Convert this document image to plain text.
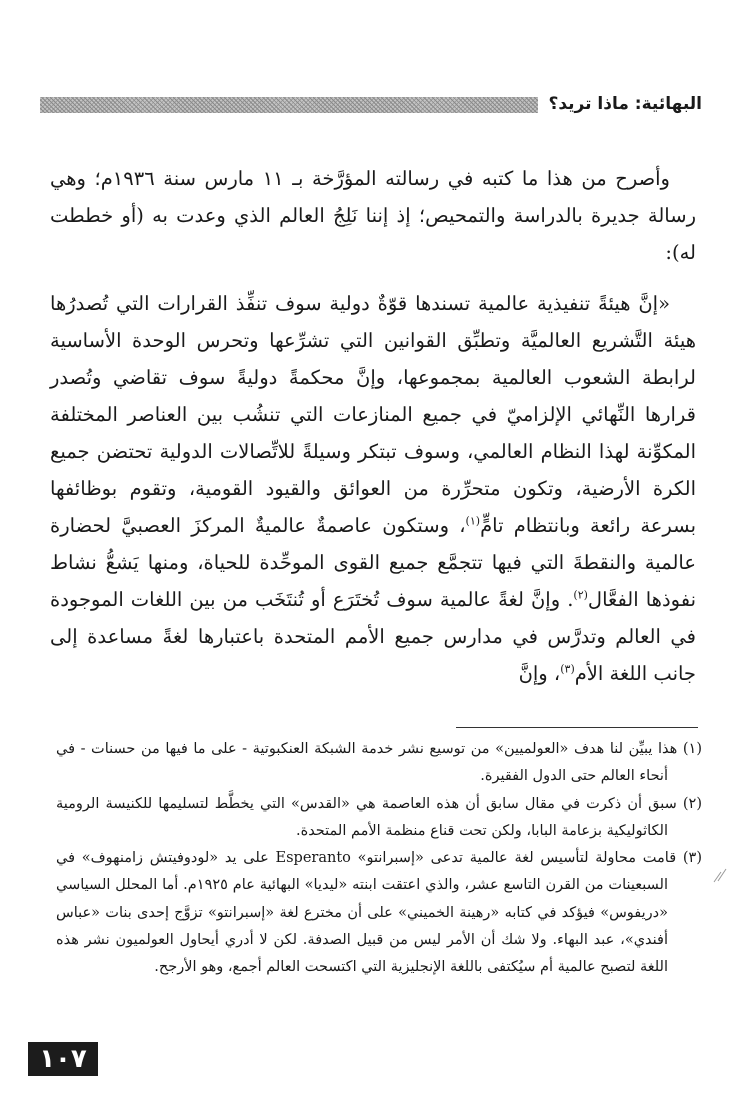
البهائية: ماذا تريد؟

وأصرح من هذا ما كتبه في رسالته المؤرَّخة بـ ١١ مارس سنة ١٩٣٦م؛ وهي رسالة جديرة بالدراسة والتمحيص؛ إذ إننا نَلِجُ العالم الذي وعدت به (أو خططت له):

«إنَّ هيئةً تنفيذية عالمية تسندها قوّةٌ دولية سوف تنفِّذ القرارات التي تُصدرُها هيئة التَّشريع العالميَّة وتطبِّق القوانين التي تشرِّعها وتحرس الوحدة الأساسية لرابطة الشعوب العالمية بمجموعها، وإنَّ محكمةً دوليةً سوف تقاضي وتُصدر قرارها النِّهائي الإلزاميّ في جميع المنازعات التي تنشُب بين العناصر المختلفة المكوِّنة لهذا النظام العالمي، وسوف تبتكر وسيلةً للاتِّصالات الدولية تحتضن جميع الكرة الأرضية، وتكون متحرِّرة من العوائق والقيود القومية، وتقوم بوظائفها بسرعة رائعة وبانتظام تامٍّ$^{(١)}$، وستكون عاصمةٌ عالميةٌ المركزَ العصبيَّ لحضارة عالمية والنقطةَ التي فيها تتجمَّع جميع القوى الموحِّدة للحياة، ومنها يَشعُّ نشاط نفوذها الفعَّال$^{(٢)}$. وإنَّ لغةً عالمية سوف تُختَرَع أو تُنتَخَب من بين اللغات الموجودة في العالم وتدرَّس في مدارس جميع الأمم المتحدة باعتبارها لغةً مساعدة إلى جانب اللغة الأم$^{(٣)}$، وإنَّ

(١) هذا يبيِّن لنا هدف «العولميين» من توسيع نشر خدمة الشبكة العنكبوتية - على ما فيها من حسنات - في أنحاء العالم حتى الدول الفقيرة.

(٢) سبق أن ذكرت في مقال سابق أن هذه العاصمة هي «القدس» التي يخطَّط لتسليمها للكنيسة الرومية الكاثوليكية بزعامة البابا، ولكن تحت قناع منظمة الأمم المتحدة.

(٣) قامت محاولة لتأسيس لغة عالمية تدعى «إسبرانتو» Esperanto على يد «لودوفيتش زامنهوف» في السبعينات من القرن التاسع عشر، والذي اعتقت ابنته «ليديا» البهائية عام ١٩٢٥م. أما المحلل السياسي «دريفوس» فيؤكد في كتابه «رهينة الخميني» على أن مخترع لغة «إسبرانتو» تزوَّج إحدى بنات «عباس أفندي»، عبد البهاء. ولا شك أن الأمر ليس من قبيل الصدفة. لكن لا أدري أيحاول العولميون نشر هذه اللغة لتصبح عالمية أم سيُكتفى باللغة الإنجليزية التي اكتسحت العالم أجمع، وهو الأرجح.

١٠٧
